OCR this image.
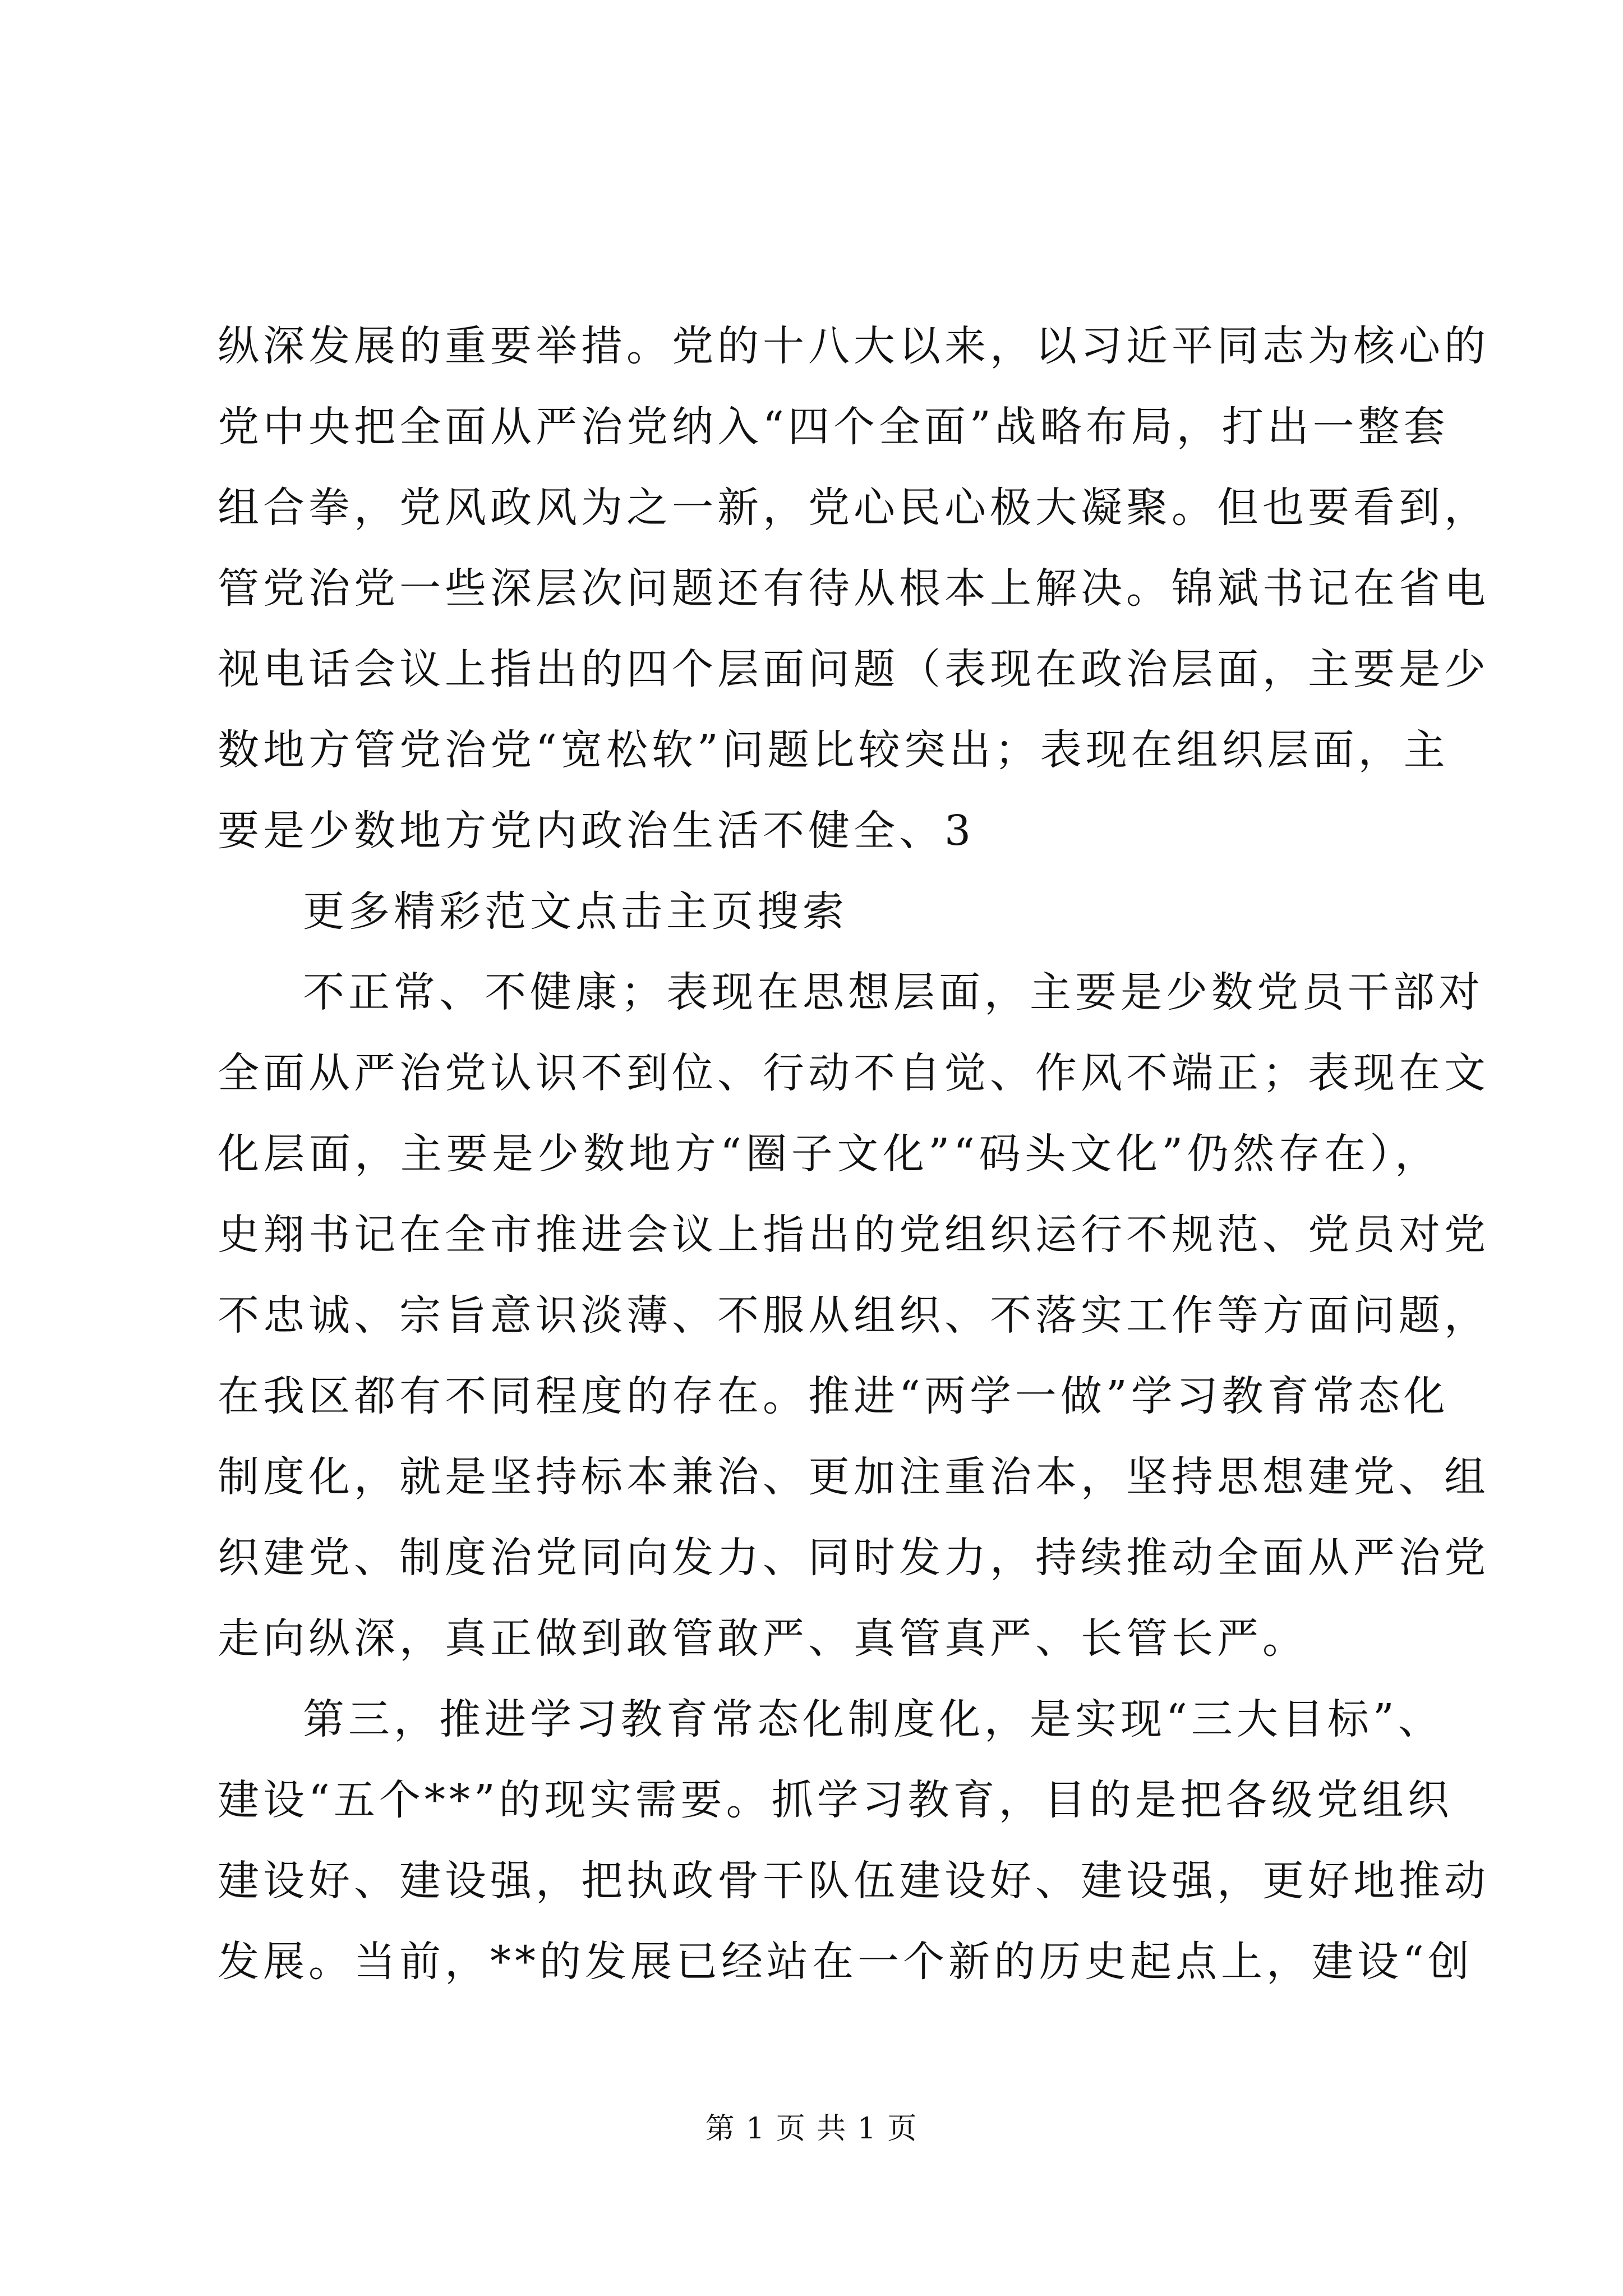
纵深发展的重要举措。党的十八大以来，以习近平同志为核心的
党中央把全面从严治党纳入“四个全面”战略布局，打出一整套
组合拳，党风政风为之一新，党心民心极大凝聚。但也要看到，
管党治党一些深层次问题还有待从根本上解决。锦斌书记在省电
视电话会议上指出的四个层面问题（表现在政治层面，主要是少
数地方管党治党“宽松软”问题比较突出；表现在组织层面，主
要是少数地方党内政治生活不健全、3
更多精彩范文点击主页搜索
不正常、不健康；表现在思想层面，主要是少数党员干部对
全面从严治党认识不到位、行动不自觉、作风不端正；表现在文
化层面，主要是少数地方“圈子文化”“码头文化”仍然存在），
史翔书记在全市推进会议上指出的党组织运行不规范、党员对党
不忠诚、宗旨意识淡薄、不服从组织、不落实工作等方面问题，
在我区都有不同程度的存在。推进“两学一做”学习教育常态化
制度化，就是坚持标本兼治、更加注重治本，坚持思想建党、组
织建党、制度治党同向发力、同时发力，持续推动全面从严治党
走向纵深，真正做到敢管敢严、真管真严、长管长严。
第三，推进学习教育常态化制度化，是实现“三大目标”、
建设“五个**”的现实需要。抓学习教育，目的是把各级党组织
建设好、建设强，把执政骨干队伍建设好、建设强，更好地推动
发展。当前，**的发展已经站在一个新的历史起点上，建设“创
第 1 页 共 1 页
